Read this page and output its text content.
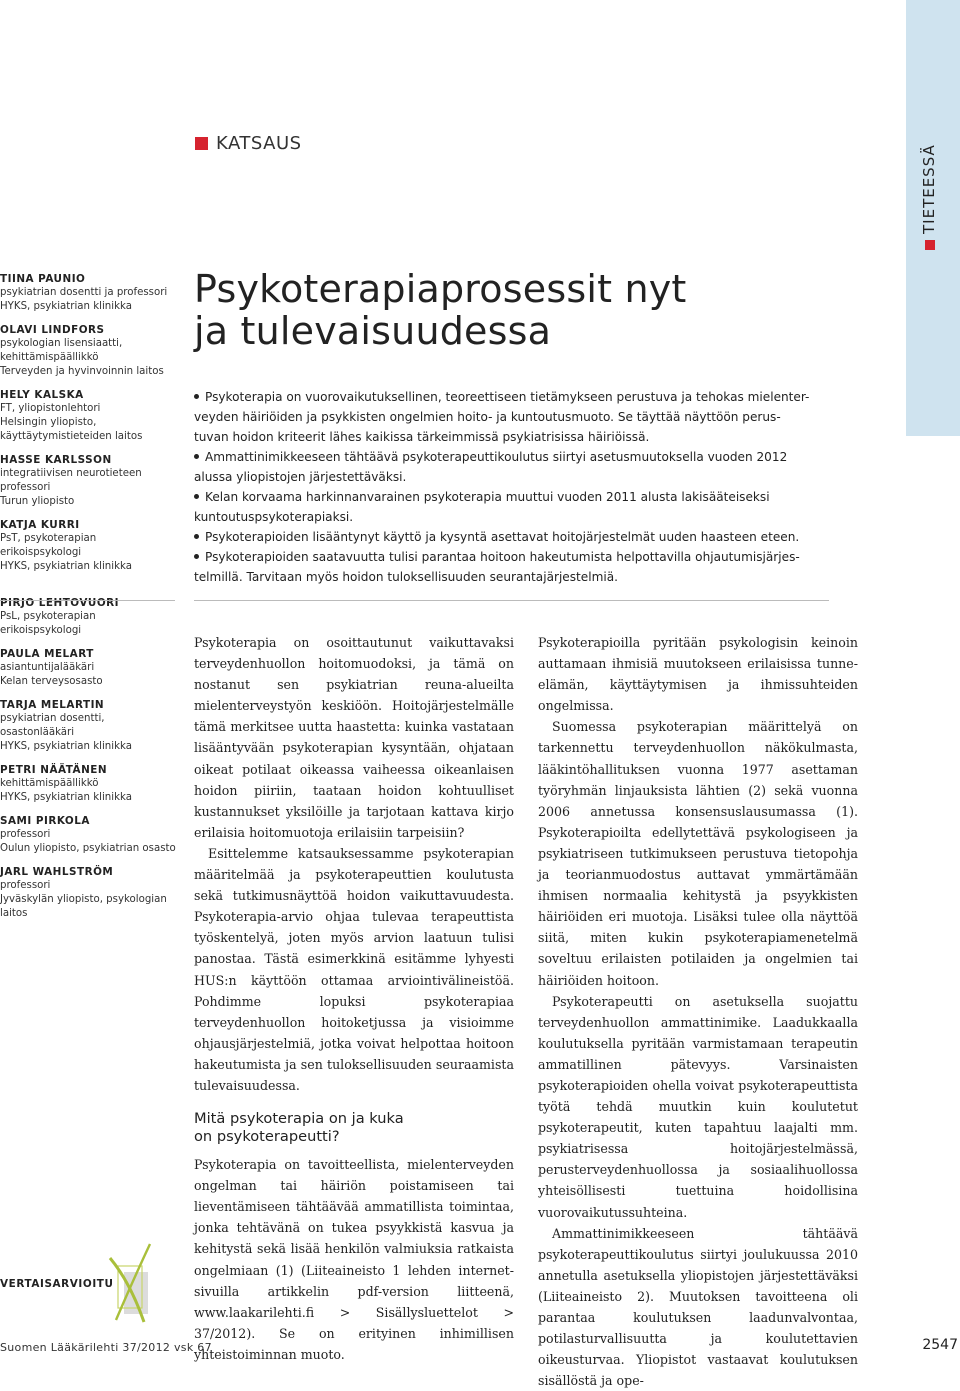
TIETEESSÄ
KATSAUS
TIINA PAUNIO
psykiatrian dosentti ja professori
HYKS, psykiatrian klinikka
OLAVI LINDFORS
psykologian lisensiaatti,
kehittämispäällikkö
Terveyden ja hyvinvoinnin laitos
HELY KALSKA
FT, yliopistonlehtori
Helsingin yliopisto,
käyttäytymistieteiden laitos
HASSE KARLSSON
integratiivisen neurotieteen
professori
Turun yliopisto
KATJA KURRI
PsT, psykoterapian
erikoispsykologi
HYKS, psykiatrian klinikka
PIRJO LEHTOVUORI
PsL, psykoterapian
erikoispsykologi
PAULA MELART
asiantuntijalääkäri
Kelan terveysosasto
TARJA MELARTIN
psykiatrian dosentti,
osastonlääkäri
HYKS, psykiatrian klinikka
PETRI NÄÄTÄNEN
kehittämispäällikkö
HYKS, psykiatrian klinikka
SAMI PIRKOLA
professori
Oulun yliopisto, psykiatrian osasto
JARL WAHLSTRÖM
professori
Jyväskylän yliopisto, psykologian
laitos
Psykoterapiaprosessit nyt
ja tulevaisuudessa
Psykoterapia on vuorovaikutuksellinen, teoreettiseen tietämykseen perustuva ja tehokas mielenter-
veyden häiriöiden ja psykkisten ongelmien hoito- ja kuntoutusmuoto. Se täyttää näyttöön perus-
tuvan hoidon kriteerit lähes kaikissa tärkeimmissä psykiatrisissa häiriöissä.
Ammattinimikkeeseen tähtäävä psykoterapeuttikoulutus siirtyi asetusmuutoksella vuoden 2012
alussa yliopistojen järjestettäväksi.
Kelan korvaama harkinnanvarainen psykoterapia muuttui vuoden 2011 alusta lakisääteiseksi
kuntoutuspsykoterapiaksi.
Psykoterapioiden lisääntynyt käyttö ja kysyntä asettavat hoitojärjestelmät uuden haasteen eteen.
Psykoterapioiden saatavuutta tulisi parantaa hoitoon hakeutumista helpottavilla ohjautumisjärjes-
telmillä. Tarvitaan myös hoidon tuloksellisuuden seurantajärjestelmiä.

Psykoterapia on osoittautunut vaikuttavaksi terveydenhuollon hoitomuodoksi, ja tämä on nostanut sen psykiatrian reuna-alueilta mielenterveystyön keskiöön. Hoitojärjestelmälle tämä merkitsee uutta haastetta: kuinka vastataan lisääntyvään psykoterapian kysyntään, ohjataan oikeat potilaat oikeassa vaiheessa oikeanlaisen hoidon piiriin, taataan hoidon kohtuulliset kustannukset yksilöille ja tarjotaan kattava kirjo erilaisia hoitomuotoja erilaisiin tarpeisiin?

Esittelemme katsauksessamme psykoterapian määritelmää ja psykoterapeuttien koulutusta sekä tutkimusnäyttöä hoidon vaikuttavuudesta. Psykoterapia-arvio ohjaa tulevaa terapeuttista työskentelyä, joten myös arvion laatuun tulisi panostaa. Tästä esimerkkinä esitämme lyhyesti HUS:n käyttöön ottamaa arviointivälineistöä. Pohdimme lopuksi psykoterapiaa terveydenhuollon hoitoketjussa ja visioimme ohjausjärjestelmiä, jotka voivat helpottaa hoitoon hakeutumista ja sen tuloksellisuuden seuraamista tulevaisuudessa.

Mitä psykoterapia on ja kuka
on psykoterapeutti?

Psykoterapia on tavoitteellista, mielenterveyden ongelman tai häiriön poistamiseen tai lieventämiseen tähtäävää ammatillista toimintaa, jonka tehtävänä on tukea psyykkistä kasvua ja kehitystä sekä lisää henkilön valmiuksia ratkaista ongelmiaan (1) (Liiteaineisto 1 lehden internet-sivuilla artikkelin pdf-version liitteenä, www.laakarilehti.fi > Sisällysluettelot > 37/2012). Se on erityinen inhimillisen yhteistoiminnan muoto.

Psykoterapioilla pyritään psykologisin keinoin auttamaan ihmisiä muutokseen erilaisissa tunne-elämän, käyttäytymisen ja ihmissuhteiden ongelmissa.

Suomessa psykoterapian määrittelyä on tarkennettu terveydenhuollon näkökulmasta, lääkintöhallituksen vuonna 1977 asettaman työryhmän linjauksista lähtien (2) sekä vuonna 2006 annetussa konsensuslausumassa (1). Psykoterapioilta edellytettävä psykologiseen ja psykiatriseen tutkimukseen perustuva tietopohja ja teorianmuodostus auttavat ymmärtämään ihmisen normaalia kehitystä ja psyykkisten häiriöiden eri muotoja. Lisäksi tulee olla näyttöä siitä, miten kukin psykoterapiamenetelmä soveltuu erilaisten potilaiden ja ongelmien tai häiriöiden hoitoon.

Psykoterapeutti on asetuksella suojattu terveydenhuollon ammattinimike. Laadukkaalla koulutuksella pyritään varmistamaan terapeutin ammatillinen pätevyys. Varsinaisten psykoterapioiden ohella voivat psykoterapeuttista työtä tehdä muutkin kuin koulutetut psykoterapeutit, kuten tapahtuu laajalti mm. psykiatrisessa hoitojärjestelmässä, perusterveydenhuollossa ja sosiaalihuollossa yhteisöllisesti tuettuina hoidollisina vuorovaikutussuhteina.

Ammattinimikkeeseen tähtäävä psykoterapeuttikoulutus siirtyi joulukuussa 2010 annetulla asetuksella yliopistojen järjestettäväksi (Liiteaineisto 2). Muutoksen tavoitteena oli parantaa koulutuksen laadunvalvontaa, potilasturvallisuutta ja koulutettavien oikeusturvaa. Yliopistot vastaavat koulutuksen sisällöstä ja ope-

VERTAISARVIOITU
Suomen Lääkärilehti 37/2012 vsk 67	2547
